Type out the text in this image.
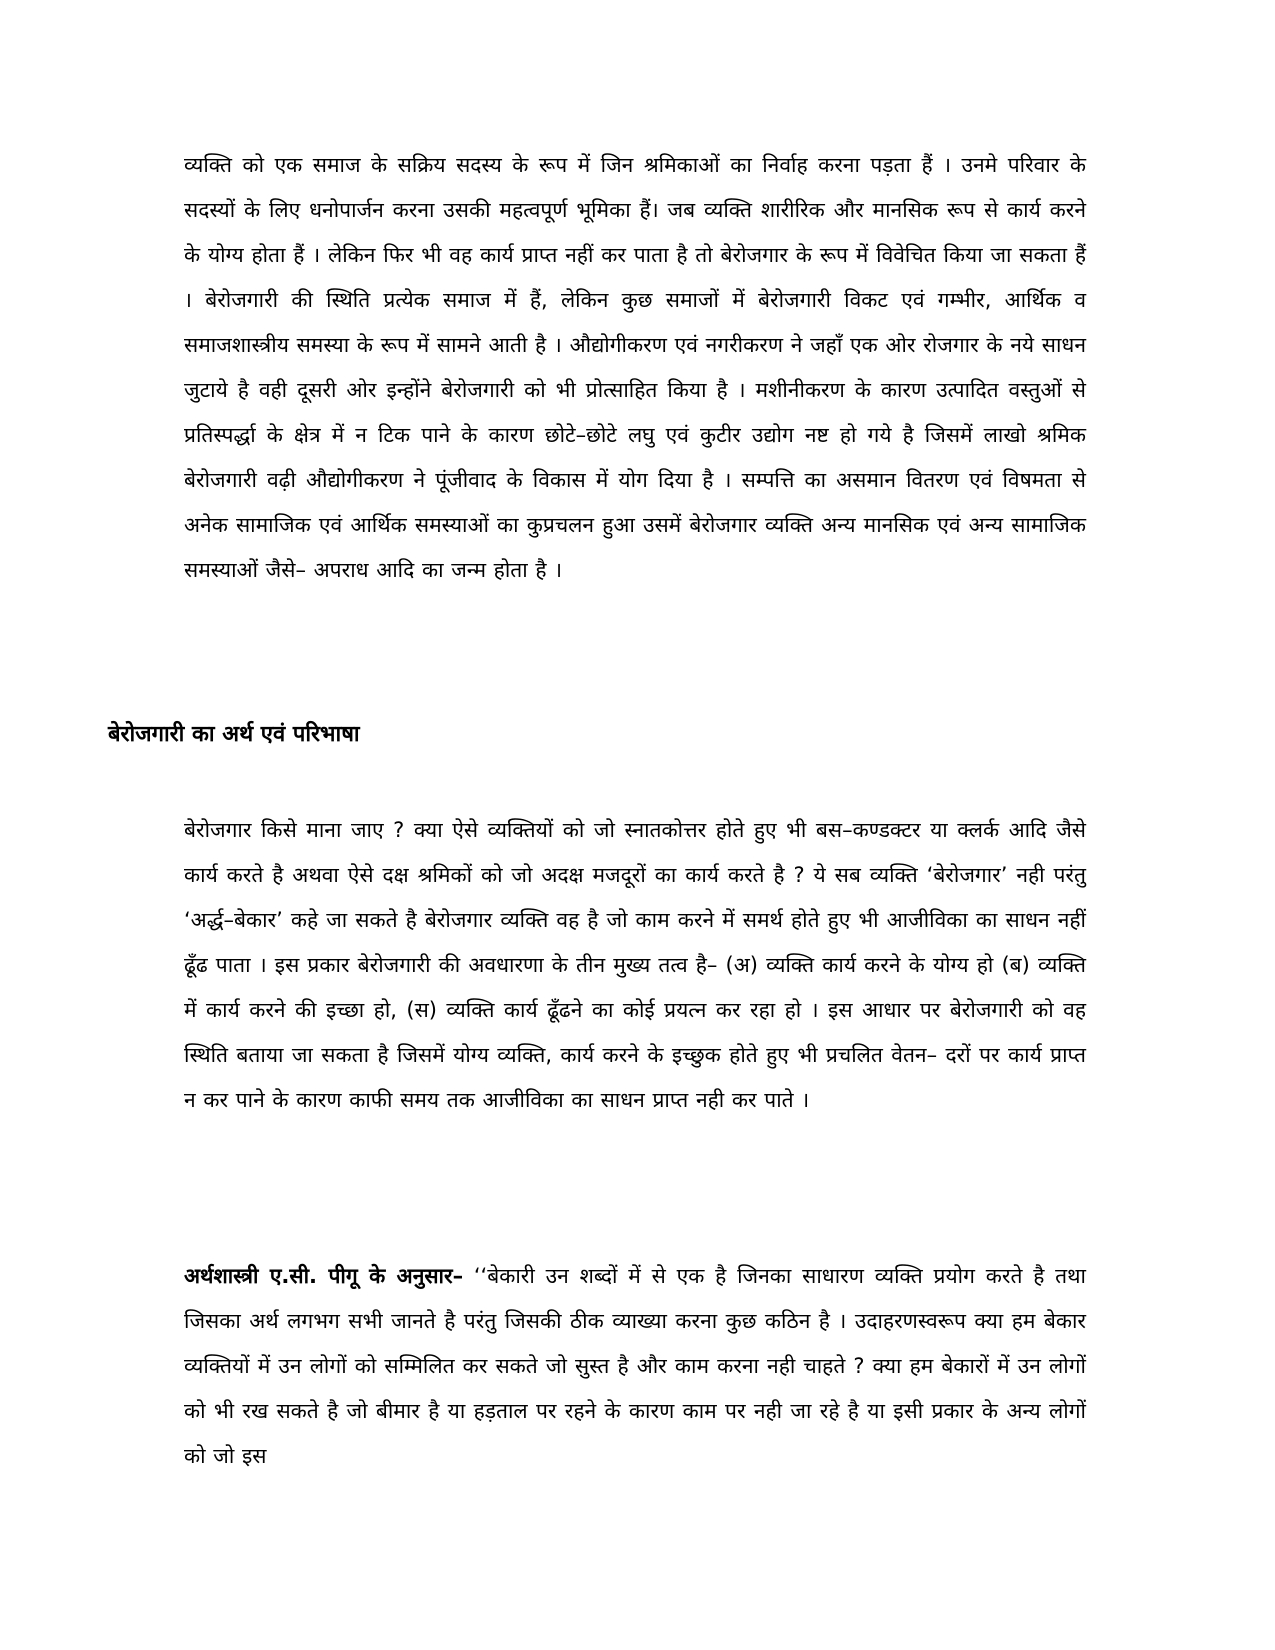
व्यक्ति को एक समाज के सक्रिय सदस्य के रूप में जिन श्रमिकाओं का निर्वाह करना पड़ता हैं । उनमे परिवार के सदस्यों के लिए धनोपार्जन करना उसकी महत्वपूर्ण भूमिका हैं। जब व्यक्ति शारीरिक और मानसिक रूप से कार्य करने के योग्य होता हैं । लेकिन फिर भी वह कार्य प्राप्त नहीं कर पाता है तो बेरोजगार के रूप में विवेचित किया जा सकता हैं । बेरोजगारी की स्थिति प्रत्येक समाज में हैं, लेकिन कुछ समाजों में बेरोजगारी विकट एवं गम्भीर, आर्थिक व समाजशास्त्रीय समस्या के रूप में सामने आती है । औद्योगीकरण एवं नगरीकरण ने जहाँ एक ओर रोजगार के नये साधन जुटाये है वही दूसरी ओर इन्होंने बेरोजगारी को भी प्रोत्साहित किया है । मशीनीकरण के कारण उत्पादित वस्तुओं से प्रतिस्पर्द्धा के क्षेत्र में न टिक पाने के कारण छोटे–छोटे लघु एवं कुटीर उद्योग नष्ट हो गये है जिसमें लाखो श्रमिक बेरोजगारी वढ़ी औद्योगीकरण ने पूंजीवाद के विकास में योग दिया है । सम्पत्ति का असमान वितरण एवं विषमता से अनेक सामाजिक एवं आर्थिक समस्याओं का कुप्रचलन हुआ उसमें बेरोजगार व्यक्ति अन्य मानसिक एवं अन्य सामाजिक समस्याओं जैसे– अपराध आदि का जन्म होता है ।

बेरोजगारी का अर्थ एवं परिभाषा

बेरोजगार किसे माना जाए ? क्या ऐसे व्यक्तियों को जो स्नातकोत्तर होते हुए भी बस–कण्डक्टर या क्लर्क आदि जैसे कार्य करते है अथवा ऐसे दक्ष श्रमिकों को जो अदक्ष मजदूरों का कार्य करते है ? ये सब व्यक्ति ‘बेरोजगार’ नही परंतु ‘अर्द्ध–बेकार’ कहे जा सकते है बेरोजगार व्यक्ति वह है जो काम करने में समर्थ होते हुए भी आजीविका का साधन नहीं ढूँढ पाता । इस प्रकार बेरोजगारी की अवधारणा के तीन मुख्य तत्व है– (अ) व्यक्ति कार्य करने के योग्य हो (ब) व्यक्ति में कार्य करने की इच्छा हो, (स) व्यक्ति कार्य ढूँढने का कोई प्रयत्न कर रहा हो । इस आधार पर बेरोजगारी को वह स्थिति बताया जा सकता है जिसमें योग्य व्यक्ति, कार्य करने के इच्छुक होते हुए भी प्रचलित वेतन– दरों पर कार्य प्राप्त न कर पाने के कारण काफी समय तक आजीविका का साधन प्राप्त नही कर पाते ।

अर्थशास्त्री ए.सी. पीगू के अनुसार– ‘‘बेकारी उन शब्दों में से एक है जिनका साधारण व्यक्ति प्रयोग करते है तथा जिसका अर्थ लगभग सभी जानते है परंतु जिसकी ठीक व्याख्या करना कुछ कठिन है । उदाहरणस्वरूप क्या हम बेकार व्यक्तियों में उन लोगों को सम्मिलित कर सकते जो सुस्त है और काम करना नही चाहते ? क्या हम बेकारों में उन लोगों को भी रख सकते है जो बीमार है या हड़ताल पर रहने के कारण काम पर नही जा रहे है या इसी प्रकार के अन्य लोगों को जो इस
